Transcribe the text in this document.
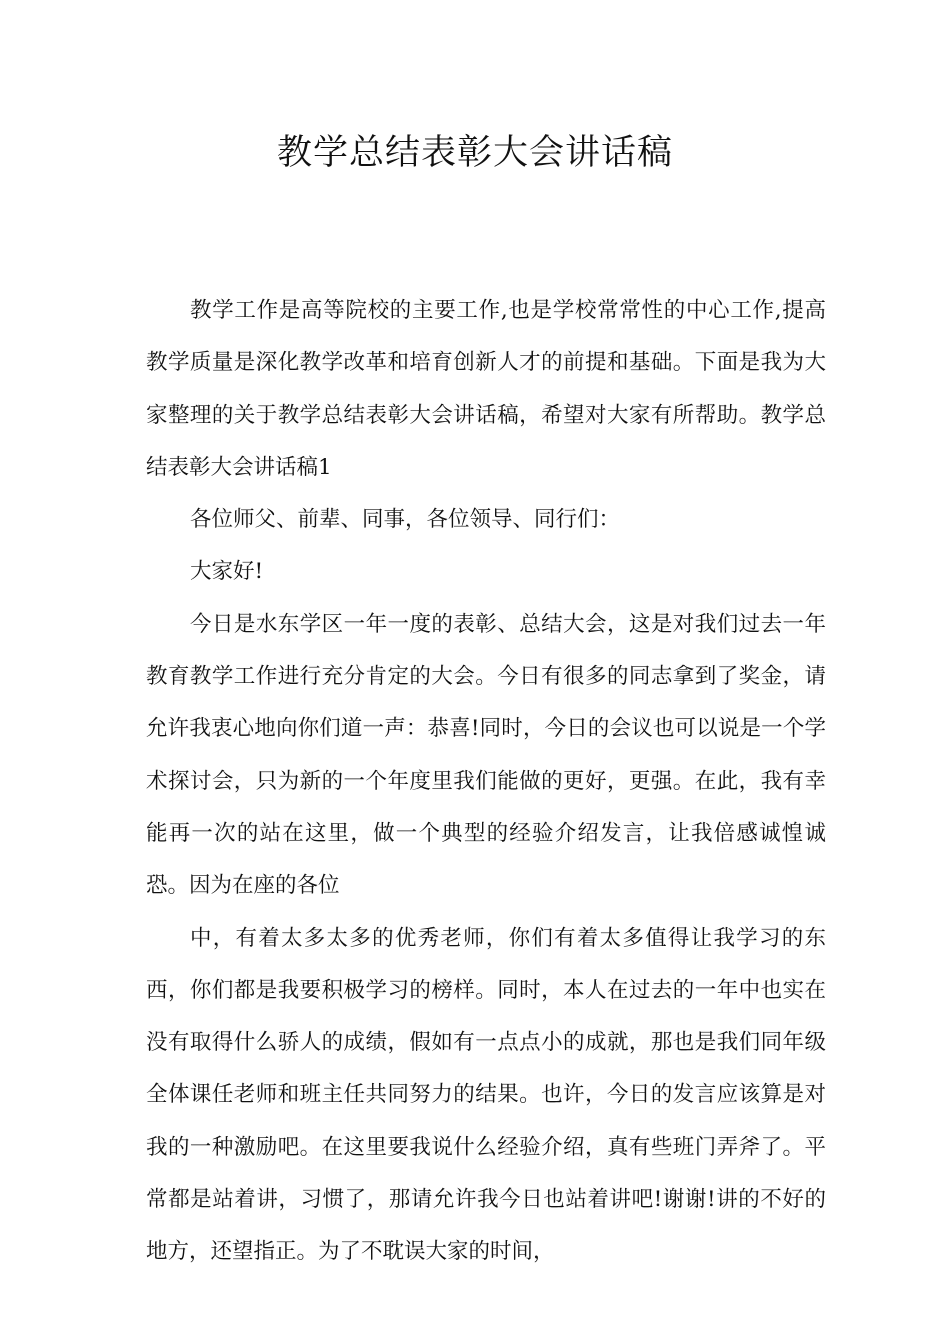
教学总结表彰大会讲话稿

教学工作是高等院校的主要工作,也是学校常常性的中心工作,提高教学质量是深化教学改革和培育创新人才的前提和基础。下面是我为大家整理的关于教学总结表彰大会讲话稿，希望对大家有所帮助。教学总结表彰大会讲话稿1

各位师父、前辈、同事，各位领导、同行们：

大家好!

今日是水东学区一年一度的表彰、总结大会，这是对我们过去一年教育教学工作进行充分肯定的大会。今日有很多的同志拿到了奖金，请允许我衷心地向你们道一声：恭喜!同时，今日的会议也可以说是一个学术探讨会，只为新的一个年度里我们能做的更好，更强。在此，我有幸能再一次的站在这里，做一个典型的经验介绍发言，让我倍感诚惶诚恐。因为在座的各位

中，有着太多太多的优秀老师，你们有着太多值得让我学习的东西，你们都是我要积极学习的榜样。同时，本人在过去的一年中也实在没有取得什么骄人的成绩，假如有一点点小的成就，那也是我们同年级全体课任老师和班主任共同努力的结果。也许，今日的发言应该算是对我的一种激励吧。在这里要我说什么经验介绍，真有些班门弄斧了。平常都是站着讲，习惯了，那请允许我今日也站着讲吧!谢谢!讲的不好的地方，还望指正。为了不耽误大家的时间，
